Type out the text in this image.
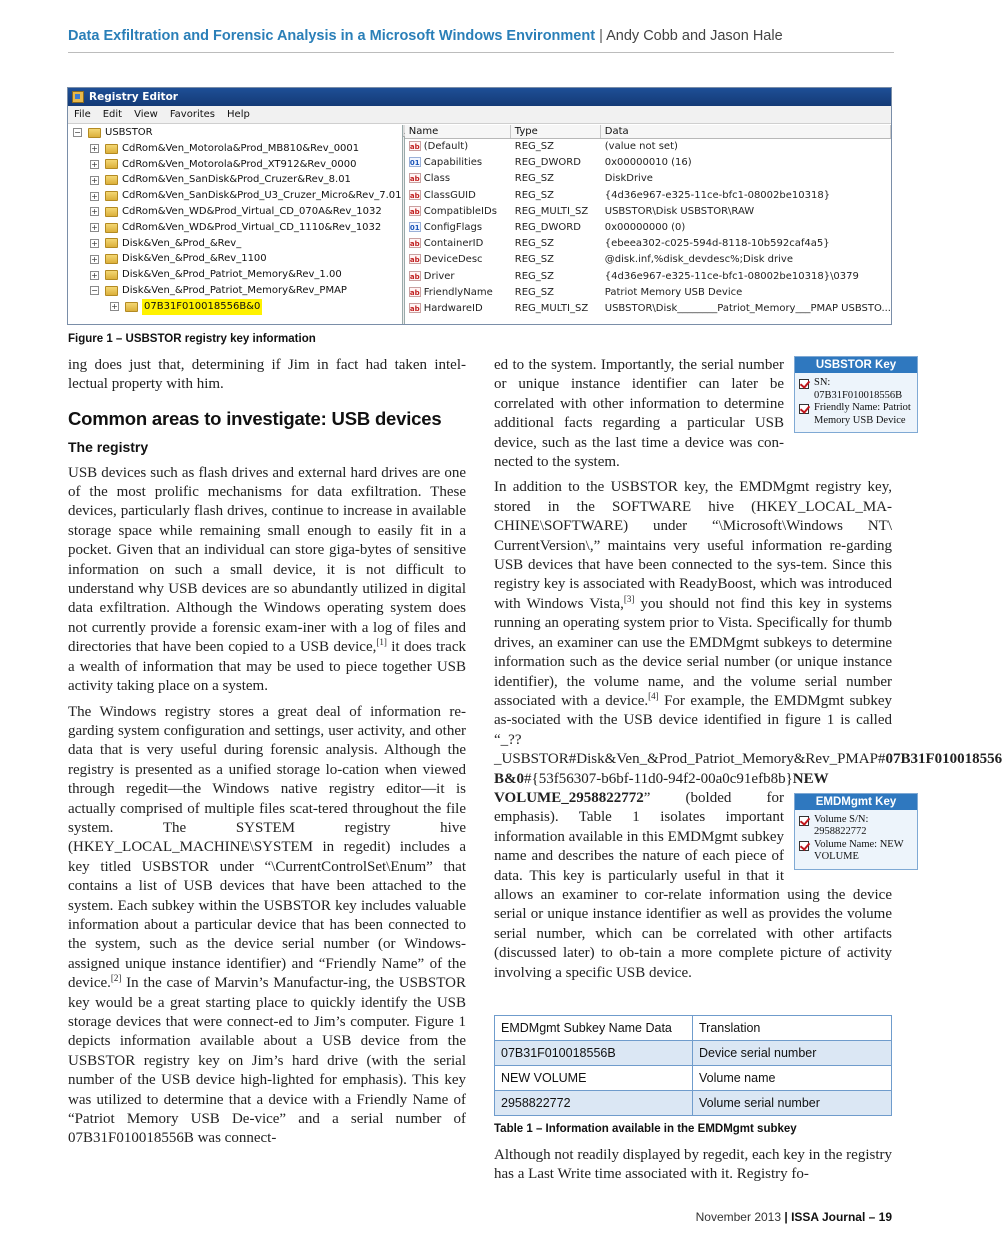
Data Exfiltration and Forensic Analysis in a Microsoft Windows Environment | Andy Cobb and Jason Hale
Registry Editor
File Edit View Favorites Help
− USBSTOR
+ CdRom&Ven_Motorola&Prod_MB810&Rev_0001
+ CdRom&Ven_Motorola&Prod_XT912&Rev_0000
+ CdRom&Ven_SanDisk&Prod_Cruzer&Rev_8.01
+ CdRom&Ven_SanDisk&Prod_U3_Cruzer_Micro&Rev_7.01
+ CdRom&Ven_WD&Prod_Virtual_CD_070A&Rev_1032
+ CdRom&Ven_WD&Prod_Virtual_CD_1110&Rev_1032
+ Disk&Ven_&Prod_&Rev_
+ Disk&Ven_&Prod_&Rev_1100
+ Disk&Ven_&Prod_Patriot_Memory&Rev_1.00
− Disk&Ven_&Prod_Patriot_Memory&Rev_PMAP
+	07B31F010018556B&0
Name	Type	Data
ab (Default)	REG_SZ	(value not set)
01 Capabilities	REG_DWORD	0x00000010 (16)
ab Class	REG_SZ	DiskDrive
ab ClassGUID	REG_SZ	{4d36e967-e325-11ce-bfc1-08002be10318}
ab CompatibleIDs	REG_MULTI_SZ	USBSTOR\Disk USBSTOR\RAW
01 ConfigFlags	REG_DWORD	0x00000000 (0)
ab ContainerID	REG_SZ	{ebeea302-c025-594d-8118-10b592caf4a5}
ab DeviceDesc	REG_SZ	@disk.inf,%disk_devdesc%;Disk drive
ab Driver	REG_SZ	{4d36e967-e325-11ce-bfc1-08002be10318}\0379
ab FriendlyName	REG_SZ	Patriot Memory USB Device
ab HardwareID	REG_MULTI_SZ	USBSTOR\Disk________Patriot_Memory___PMAP USBSTO...
Figure 1 – USBSTOR registry key information

ing does just that, determining if Jim in fact had taken intel-lectual property with him.

Common areas to investigate: USB devices
The registry

USB devices such as flash drives and external hard drives are one of the most prolific mechanisms for data exfiltration. These devices, particularly flash drives, continue to increase in available storage space while remaining small enough to easily fit in a pocket. Given that an individual can store giga-bytes of sensitive information on such a small device, it is not difficult to understand why USB devices are so abundantly utilized in digital data exfiltration. Although the Windows operating system does not currently provide a forensic exam-iner with a log of files and directories that have been copied to a USB device,[1] it does track a wealth of information that may be used to piece together USB activity taking place on a system.

The Windows registry stores a great deal of information re-garding system configuration and settings, user activity, and other data that is very useful during forensic analysis. Although the registry is presented as a unified storage lo-cation when viewed through regedit—the Windows native registry editor—it is actually comprised of multiple files scat-tered throughout the file system. The SYSTEM registry hive (HKEY_LOCAL_MACHINE\SYSTEM in regedit) includes a key titled USBSTOR under “\CurrentControlSet\Enum” that contains a list of USB devices that have been attached to the system. Each subkey within the USBSTOR key includes valuable information about a particular device that has been connected to the system, such as the device serial number (or Windows-assigned unique instance identifier) and “Friendly Name” of the device.[2] In the case of Marvin’s Manufactur-ing, the USBSTOR key would be a great starting place to quickly identify the USB storage devices that were connect-ed to Jim’s computer. Figure 1 depicts information available about a USB device from the USBSTOR registry key on Jim’s hard drive (with the serial number of the USB device high-lighted for emphasis). This key was utilized to determine that a device with a Friendly Name of “Patriot Memory USB De-vice” and a serial number of 07B31F010018556B was connect-

USBSTOR Key
SN: 07B31F010018556B
Friendly Name: Patriot Memory USB Device

ed to the system. Importantly, the serial number or unique instance identifier can later be correlated with other information to determine additional facts regarding a particular USB device, such as the last time a device was con-nected to the system.

In addition to the USBSTOR key, the EMDMgmt registry key, stored in the SOFTWARE hive (HKEY_LOCAL_MA-CHINE\SOFTWARE) under “\Microsoft\Windows NT\ CurrentVersion\,” maintains very useful information re-garding USB devices that have been connected to the sys-tem. Since this registry key is associated with ReadyBoost, which was introduced with Windows Vista,[3] you should not find this key in systems running an operating system prior to Vista. Specifically for thumb drives, an examiner can use the EMDMgmt subkeys to determine information such as the device serial number (or unique instance identifier), the volume name, and the volume serial number associated with a device.[4] For example, the EMDMgmt subkey as-sociated with the USB device identified in figure 1 is called “_??_USBSTOR#Disk&Ven_&Prod_Patriot_Memory&Rev_PMAP#07B31F010018556 B&0#{53f56307-b6bf-11d0-94f2-00a0c91efb8b}NEW VOLUME_2958822772	EMDMgmt Key
Volume S/N: 2958822772
Volume Name: NEW VOLUME
” (bolded for emphasis). Table 1 isolates important information available in this EMDMgmt subkey name and describes the nature of each piece of data. This key is particularly useful in that it allows an examiner to cor-relate information using the device serial or unique instance identifier as well as provides the volume serial number, which can be correlated with other artifacts (discussed later) to ob-tain a more complete picture of activity involving a specific USB device.

EMDMgmt Subkey Name Data	Translation
07B31F010018556B	Device serial number
NEW VOLUME	Volume name
2958822772	Volume serial number
Table 1 – Information available in the EMDMgmt subkey
Although not readily displayed by regedit, each key in the registry has a Last Write time associated with it. Registry fo-
November 2013 | ISSA Journal – 19
